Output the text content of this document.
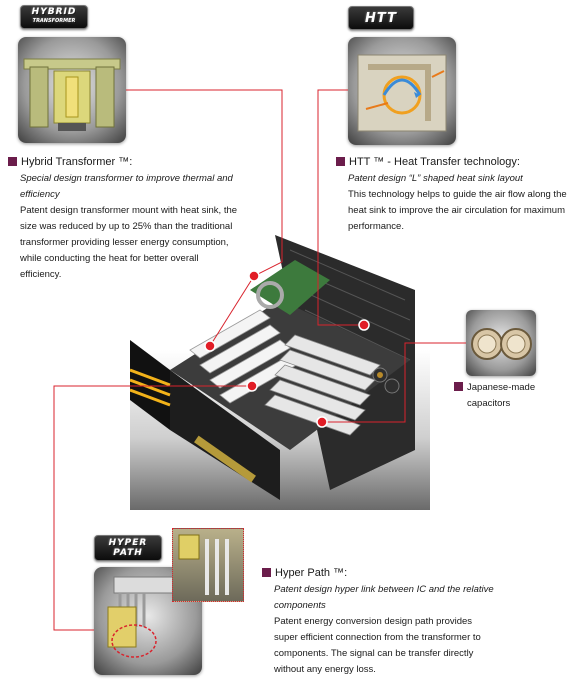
HYBRID
TRANSFORMER	HTT
HYPER
PATH
Hybrid Transformer ™:
Special design transformer to improve thermal and
efficiency
Patent design transformer mount with heat sink, the
size was reduced by up to 25% than the traditional
transformer providing lesser energy consumption,
while conducting the heat for better overall
efficiency.
HTT ™ - Heat Transfer technology:
Patent design “L” shaped heat sink layout
This technology helps to guide the air flow along the
heat sink to improve the air circulation for maximum
performance.
Japanese-made
capacitors
Hyper Path ™:
Patent design hyper link between IC and the relative
components
Patent energy conversion design path provides
super efficient connection from the transformer to
components. The signal can be transfer directly
without any energy loss.
